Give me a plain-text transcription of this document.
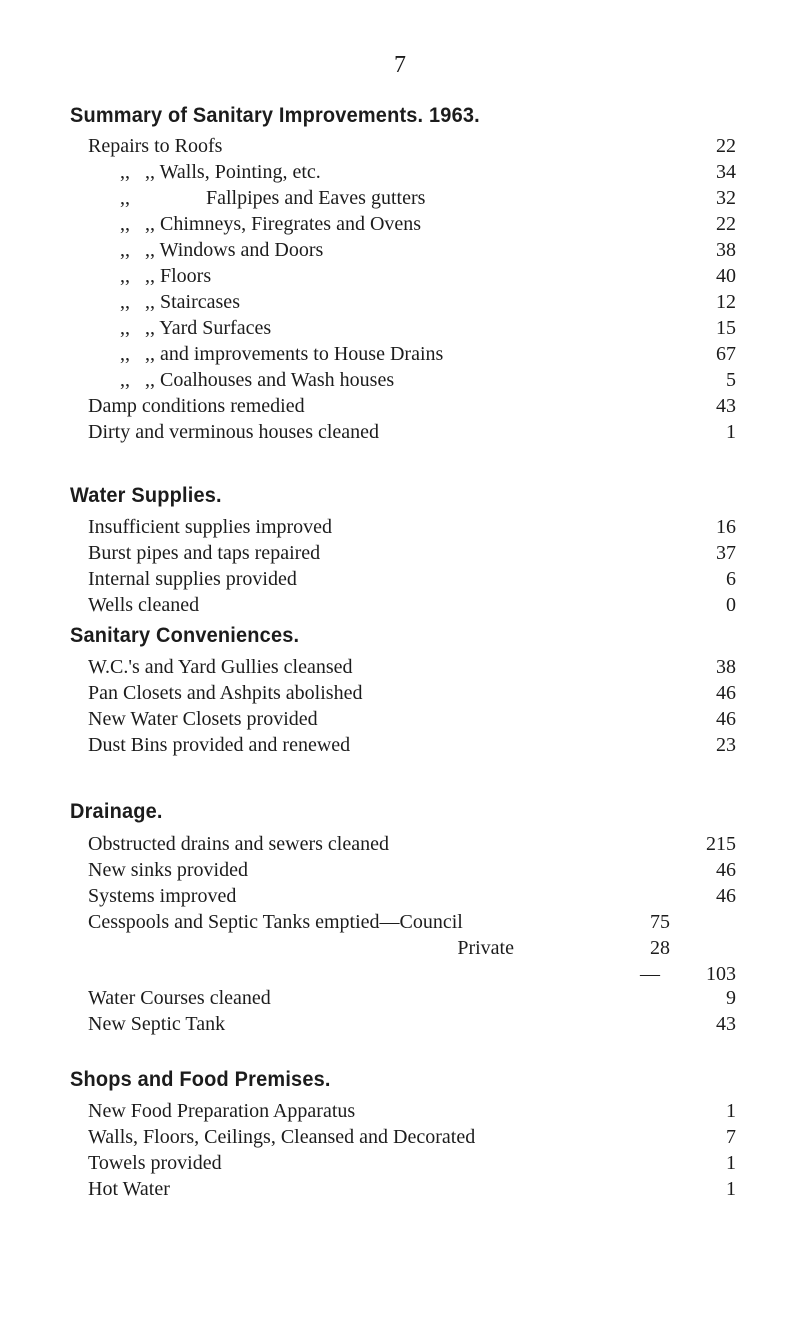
7
Summary of Sanitary Improvements. 1963.
Repairs to Roofs	22
,,   ,, Walls, Pointing, etc.	34
,,	Fallpipes and Eaves gutters	32
,,   ,, Chimneys, Firegrates and Ovens	22
,,   ,, Windows and Doors	38
,,   ,, Floors	40
,,   ,, Staircases	12
,,   ,, Yard Surfaces	15
,,   ,, and improvements to House Drains	67
,,   ,, Coalhouses and Wash houses	5
Damp conditions remedied	43
Dirty and verminous houses cleaned	1
Water Supplies.
Insufficient supplies improved	16
Burst pipes and taps repaired	37
Internal supplies provided	6
Wells cleaned	0
Sanitary Conveniences.
W.C.'s and Yard Gullies cleansed	38
Pan Closets and Ashpits abolished	46
New Water Closets provided	46
Dust Bins provided and renewed	23
Drainage.
Obstructed drains and sewers cleaned	215
New sinks provided	46
Systems improved	46
Cesspools and Septic Tanks emptied—Council	75
Private	28
— 103
Water Courses cleaned	9
New Septic Tank	43
Shops and Food Premises.
New Food Preparation Apparatus	1
Walls, Floors, Ceilings, Cleansed and Decorated	7
Towels provided	1
Hot Water	1
